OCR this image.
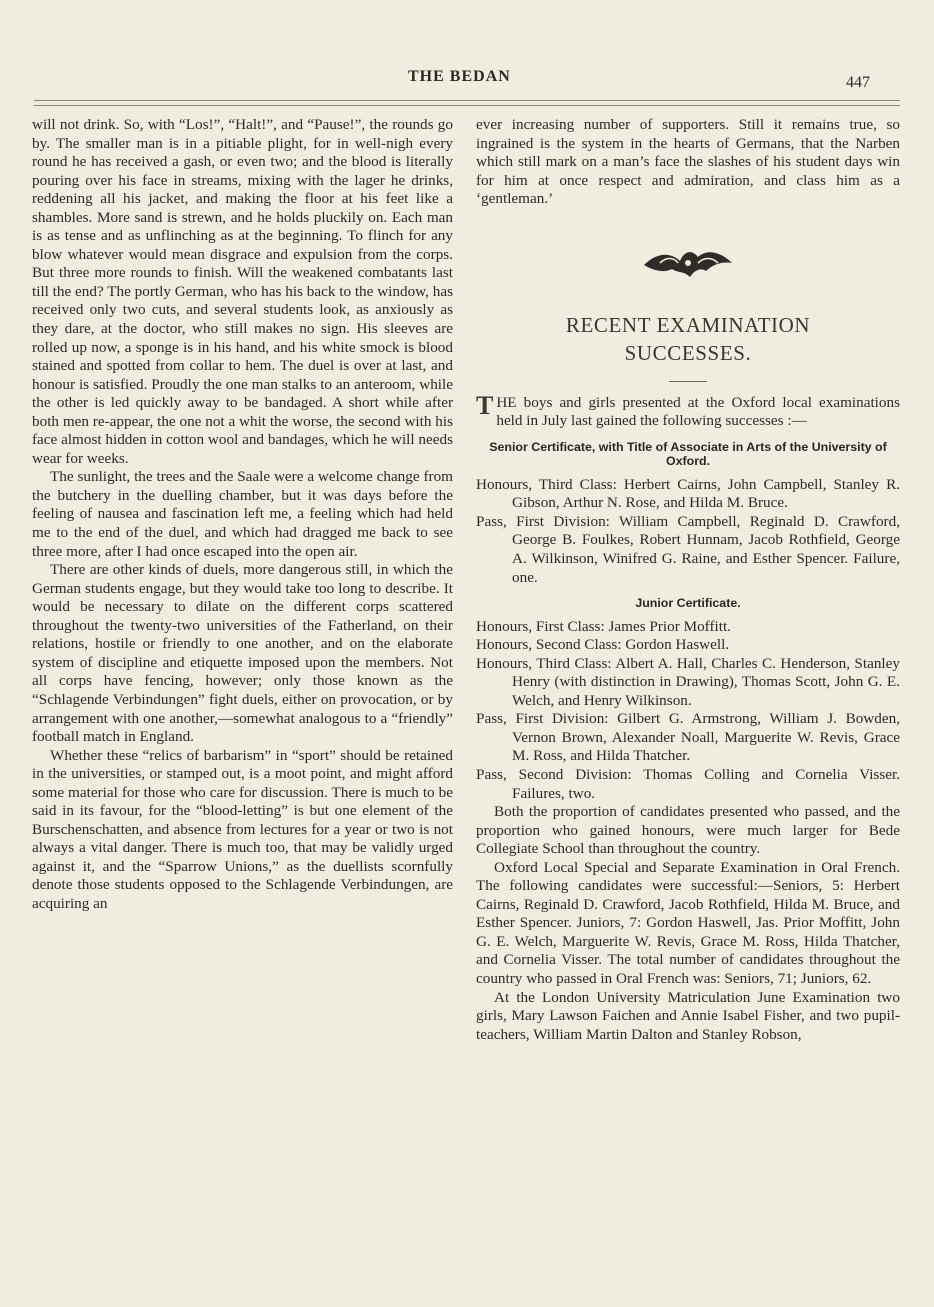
THE BEDAN	447

will not drink. So, with “Los!”, “Halt!”, and “Pause!”, the rounds go by. The smaller man is in a pitiable plight, for in well-nigh every round he has received a gash, or even two; and the blood is literally pouring over his face in streams, mixing with the lager he drinks, reddening all his jacket, and making the floor at his feet like a shambles. More sand is strewn, and he holds pluckily on. Each man is as tense and as unflinching as at the beginning. To flinch for any blow whatever would mean disgrace and expulsion from the corps. But three more rounds to finish. Will the weakened combatants last till the end? The portly German, who has his back to the window, has received only two cuts, and several students look, as anxiously as they dare, at the doctor, who still makes no sign. His sleeves are rolled up now, a sponge is in his hand, and his white smock is blood stained and spotted from collar to hem. The duel is over at last, and honour is satisfied. Proudly the one man stalks to an anteroom, while the other is led quickly away to be bandaged. A short while after both men re-appear, the one not a whit the worse, the second with his face almost hidden in cotton wool and bandages, which he will needs wear for weeks.

The sunlight, the trees and the Saale were a welcome change from the butchery in the duelling chamber, but it was days before the feeling of nausea and fascination left me, a feeling which had held me to the end of the duel, and which had dragged me back to see three more, after I had once escaped into the open air.

There are other kinds of duels, more dangerous still, in which the German students engage, but they would take too long to describe. It would be necessary to dilate on the different corps scattered throughout the twenty-two universities of the Fatherland, on their relations, hostile or friendly to one another, and on the elaborate system of discipline and etiquette imposed upon the members. Not all corps have fencing, however; only those known as the “Schlagende Verbindungen” fight duels, either on provocation, or by arrangement with one another,—somewhat analogous to a “friendly” football match in England.

Whether these “relics of barbarism” in “sport” should be retained in the universities, or stamped out, is a moot point, and might afford some material for those who care for discussion. There is much to be said in its favour, for the “blood-letting” is but one element of the Burschenschatten, and absence from lectures for a year or two is not always a vital danger. There is much too, that may be validly urged against it, and the “Sparrow Unions,” as the duellists scornfully denote those students opposed to the Schlagende Verbindungen, are acquiring an

ever increasing number of supporters. Still it remains true, so ingrained is the system in the hearts of Germans, that the Narben which still mark on a man’s face the slashes of his student days win for him at once respect and admiration, and class him as a ‘gentleman.’

RECENT EXAMINATION
SUCCESSES.

THE boys and girls presented at the Oxford local examinations held in July last gained the following successes :—

Senior Certificate, with Title of Associate in Arts of the University of Oxford.

Honours, Third Class: Herbert Cairns, John Campbell, Stanley R. Gibson, Arthur N. Rose, and Hilda M. Bruce.

Pass, First Division: William Campbell, Reginald D. Crawford, George B. Foulkes, Robert Hunnam, Jacob Rothfield, George A. Wilkinson, Winifred G. Raine, and Esther Spencer. Failure, one.

Junior Certificate.

Honours, First Class: James Prior Moffitt.

Honours, Second Class: Gordon Haswell.

Honours, Third Class: Albert A. Hall, Charles C. Henderson, Stanley Henry (with distinction in Drawing), Thomas Scott, John G. E. Welch, and Henry Wilkinson.

Pass, First Division: Gilbert G. Armstrong, William J. Bowden, Vernon Brown, Alexander Noall, Marguerite W. Revis, Grace M. Ross, and Hilda Thatcher.

Pass, Second Division: Thomas Colling and Cornelia Visser. Failures, two.

Both the proportion of candidates presented who passed, and the proportion who gained honours, were much larger for Bede Collegiate School than throughout the country.

Oxford Local Special and Separate Examination in Oral French. The following candidates were successful:—Seniors, 5: Herbert Cairns, Reginald D. Crawford, Jacob Rothfield, Hilda M. Bruce, and Esther Spencer. Juniors, 7: Gordon Haswell, Jas. Prior Moffitt, John G. E. Welch, Marguerite W. Revis, Grace M. Ross, Hilda Thatcher, and Cornelia Visser. The total number of candidates throughout the country who passed in Oral French was: Seniors, 71; Juniors, 62.

At the London University Matriculation June Examination two girls, Mary Lawson Faichen and Annie Isabel Fisher, and two pupil-teachers, William Martin Dalton and Stanley Robson,
